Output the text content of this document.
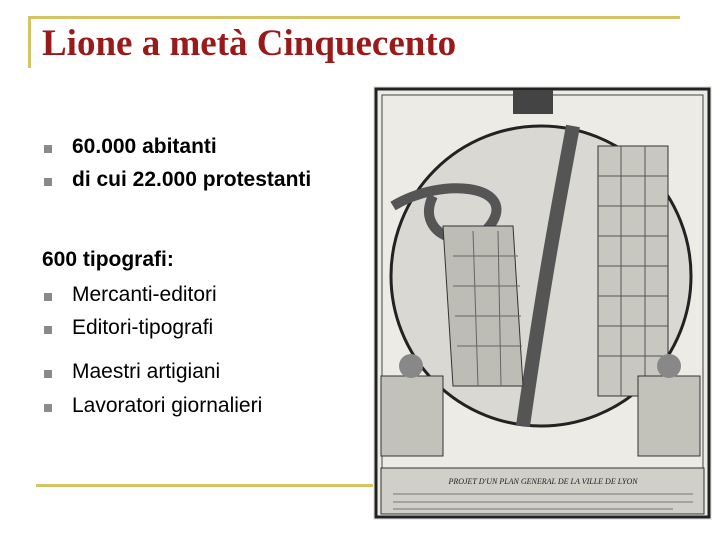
Lione a metà Cinquecento
60.000 abitanti
di cui 22.000 protestanti
600 tipografi:
Mercanti-editori
Editori-tipografi
Maestri artigiani
Lavoratori giornalieri
PROJET D'UN PLAN GENERAL DE LA VILLE DE LYON
